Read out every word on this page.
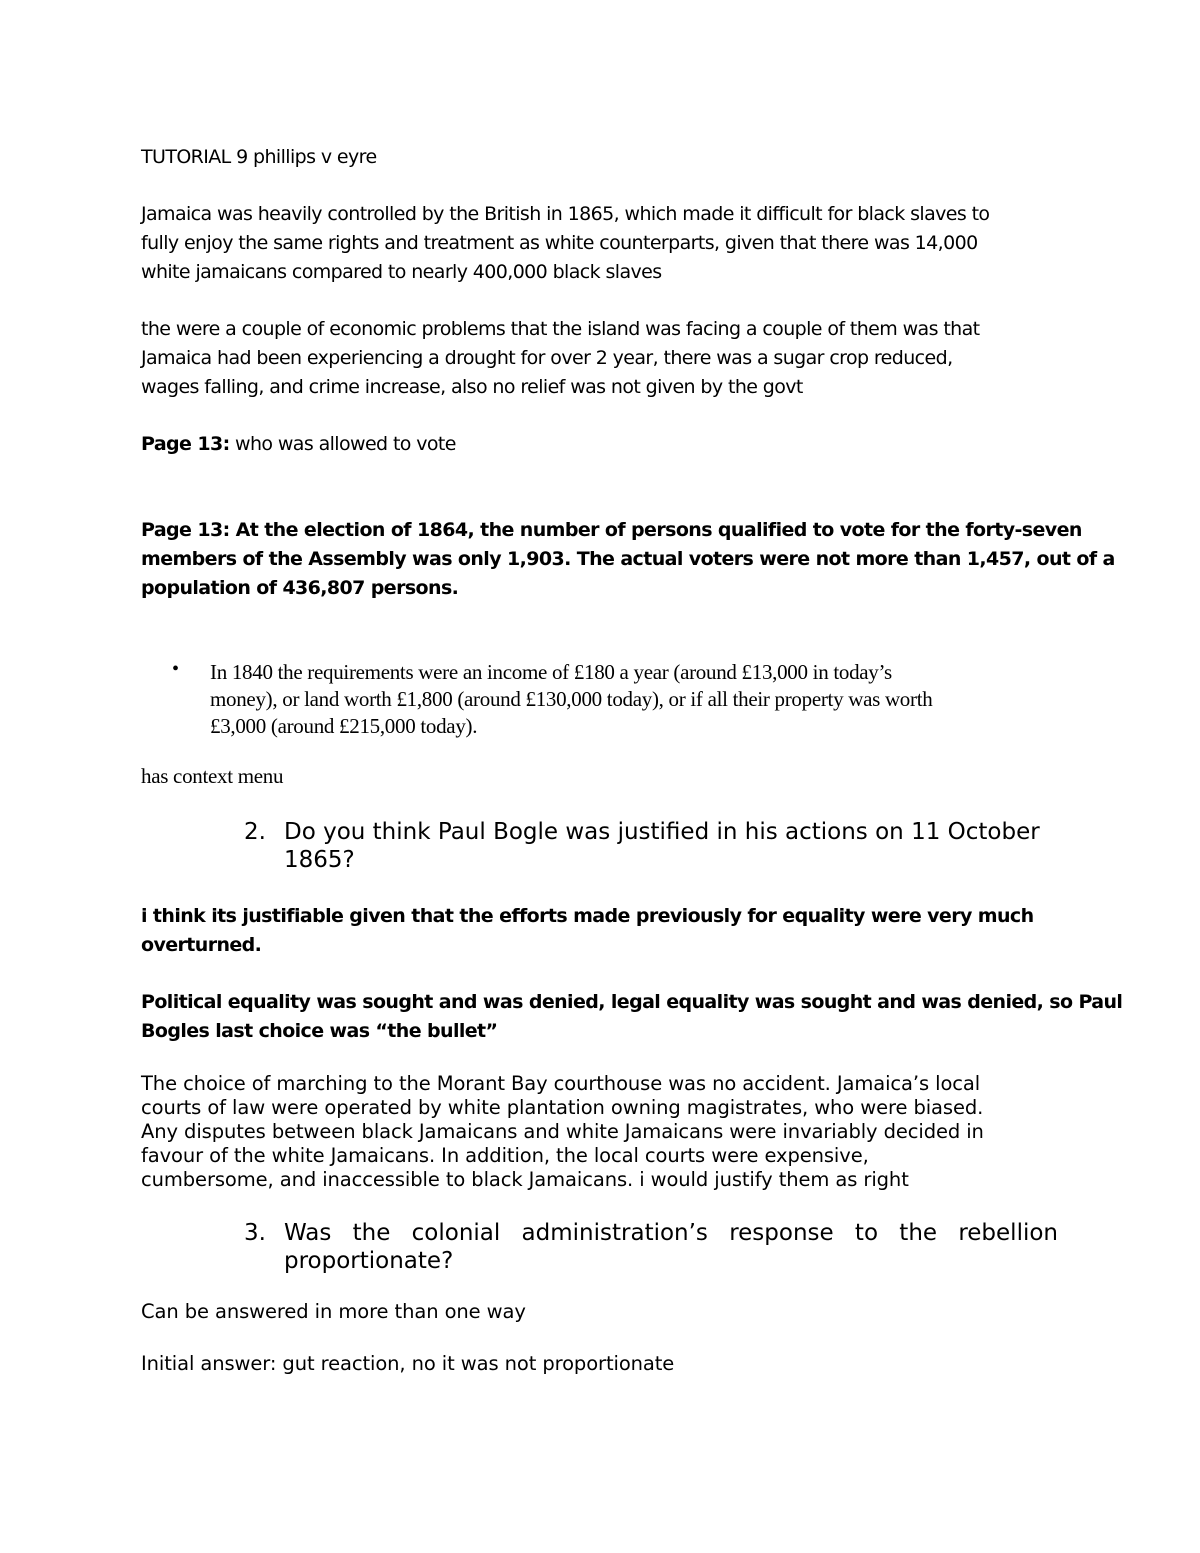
TUTORIAL 9 phillips v eyre
Jamaica was heavily controlled by the British in 1865, which made it difficult for black slaves to
fully enjoy the same rights and treatment as white counterparts, given that there was 14,000
white jamaicans compared to nearly 400,000 black slaves
the were a couple of economic problems that the island was facing a couple of them was that
Jamaica had been experiencing a drought for over 2 year, there was a sugar crop reduced,
wages falling, and crime increase, also no relief was not given by the govt
Page 13: who was allowed to vote
Page 13: At the election of 1864, the number of persons qualified to vote for the forty-seven
members of the Assembly was only 1,903. The actual voters were not more than 1,457, out of a
population of 436,807 persons.
• In 1840 the requirements were an income of £180 a year (around £13,000 in today’s
money), or land worth £1,800 (around £130,000 today), or if all their property was worth
£3,000 (around £215,000 today).
has context menu
2. Do you think Paul Bogle was justified in his actions on 11 October
1865?
i think its justifiable given that the efforts made previously for equality were very much
overturned.
Political equality was sought and was denied, legal equality was sought and was denied, so Paul
Bogles last choice was “the bullet”
The choice of marching to the Morant Bay courthouse was no accident. Jamaica’s local
courts of law were operated by white plantation owning magistrates, who were biased.
Any disputes between black Jamaicans and white Jamaicans were invariably decided in
favour of the white Jamaicans. In addition, the local courts were expensive,
cumbersome, and inaccessible to black Jamaicans. i would justify them as right
3. Was the colonial administration’s response to the rebellion
proportionate?
Can be answered in more than one way
Initial answer: gut reaction, no it was not proportionate
